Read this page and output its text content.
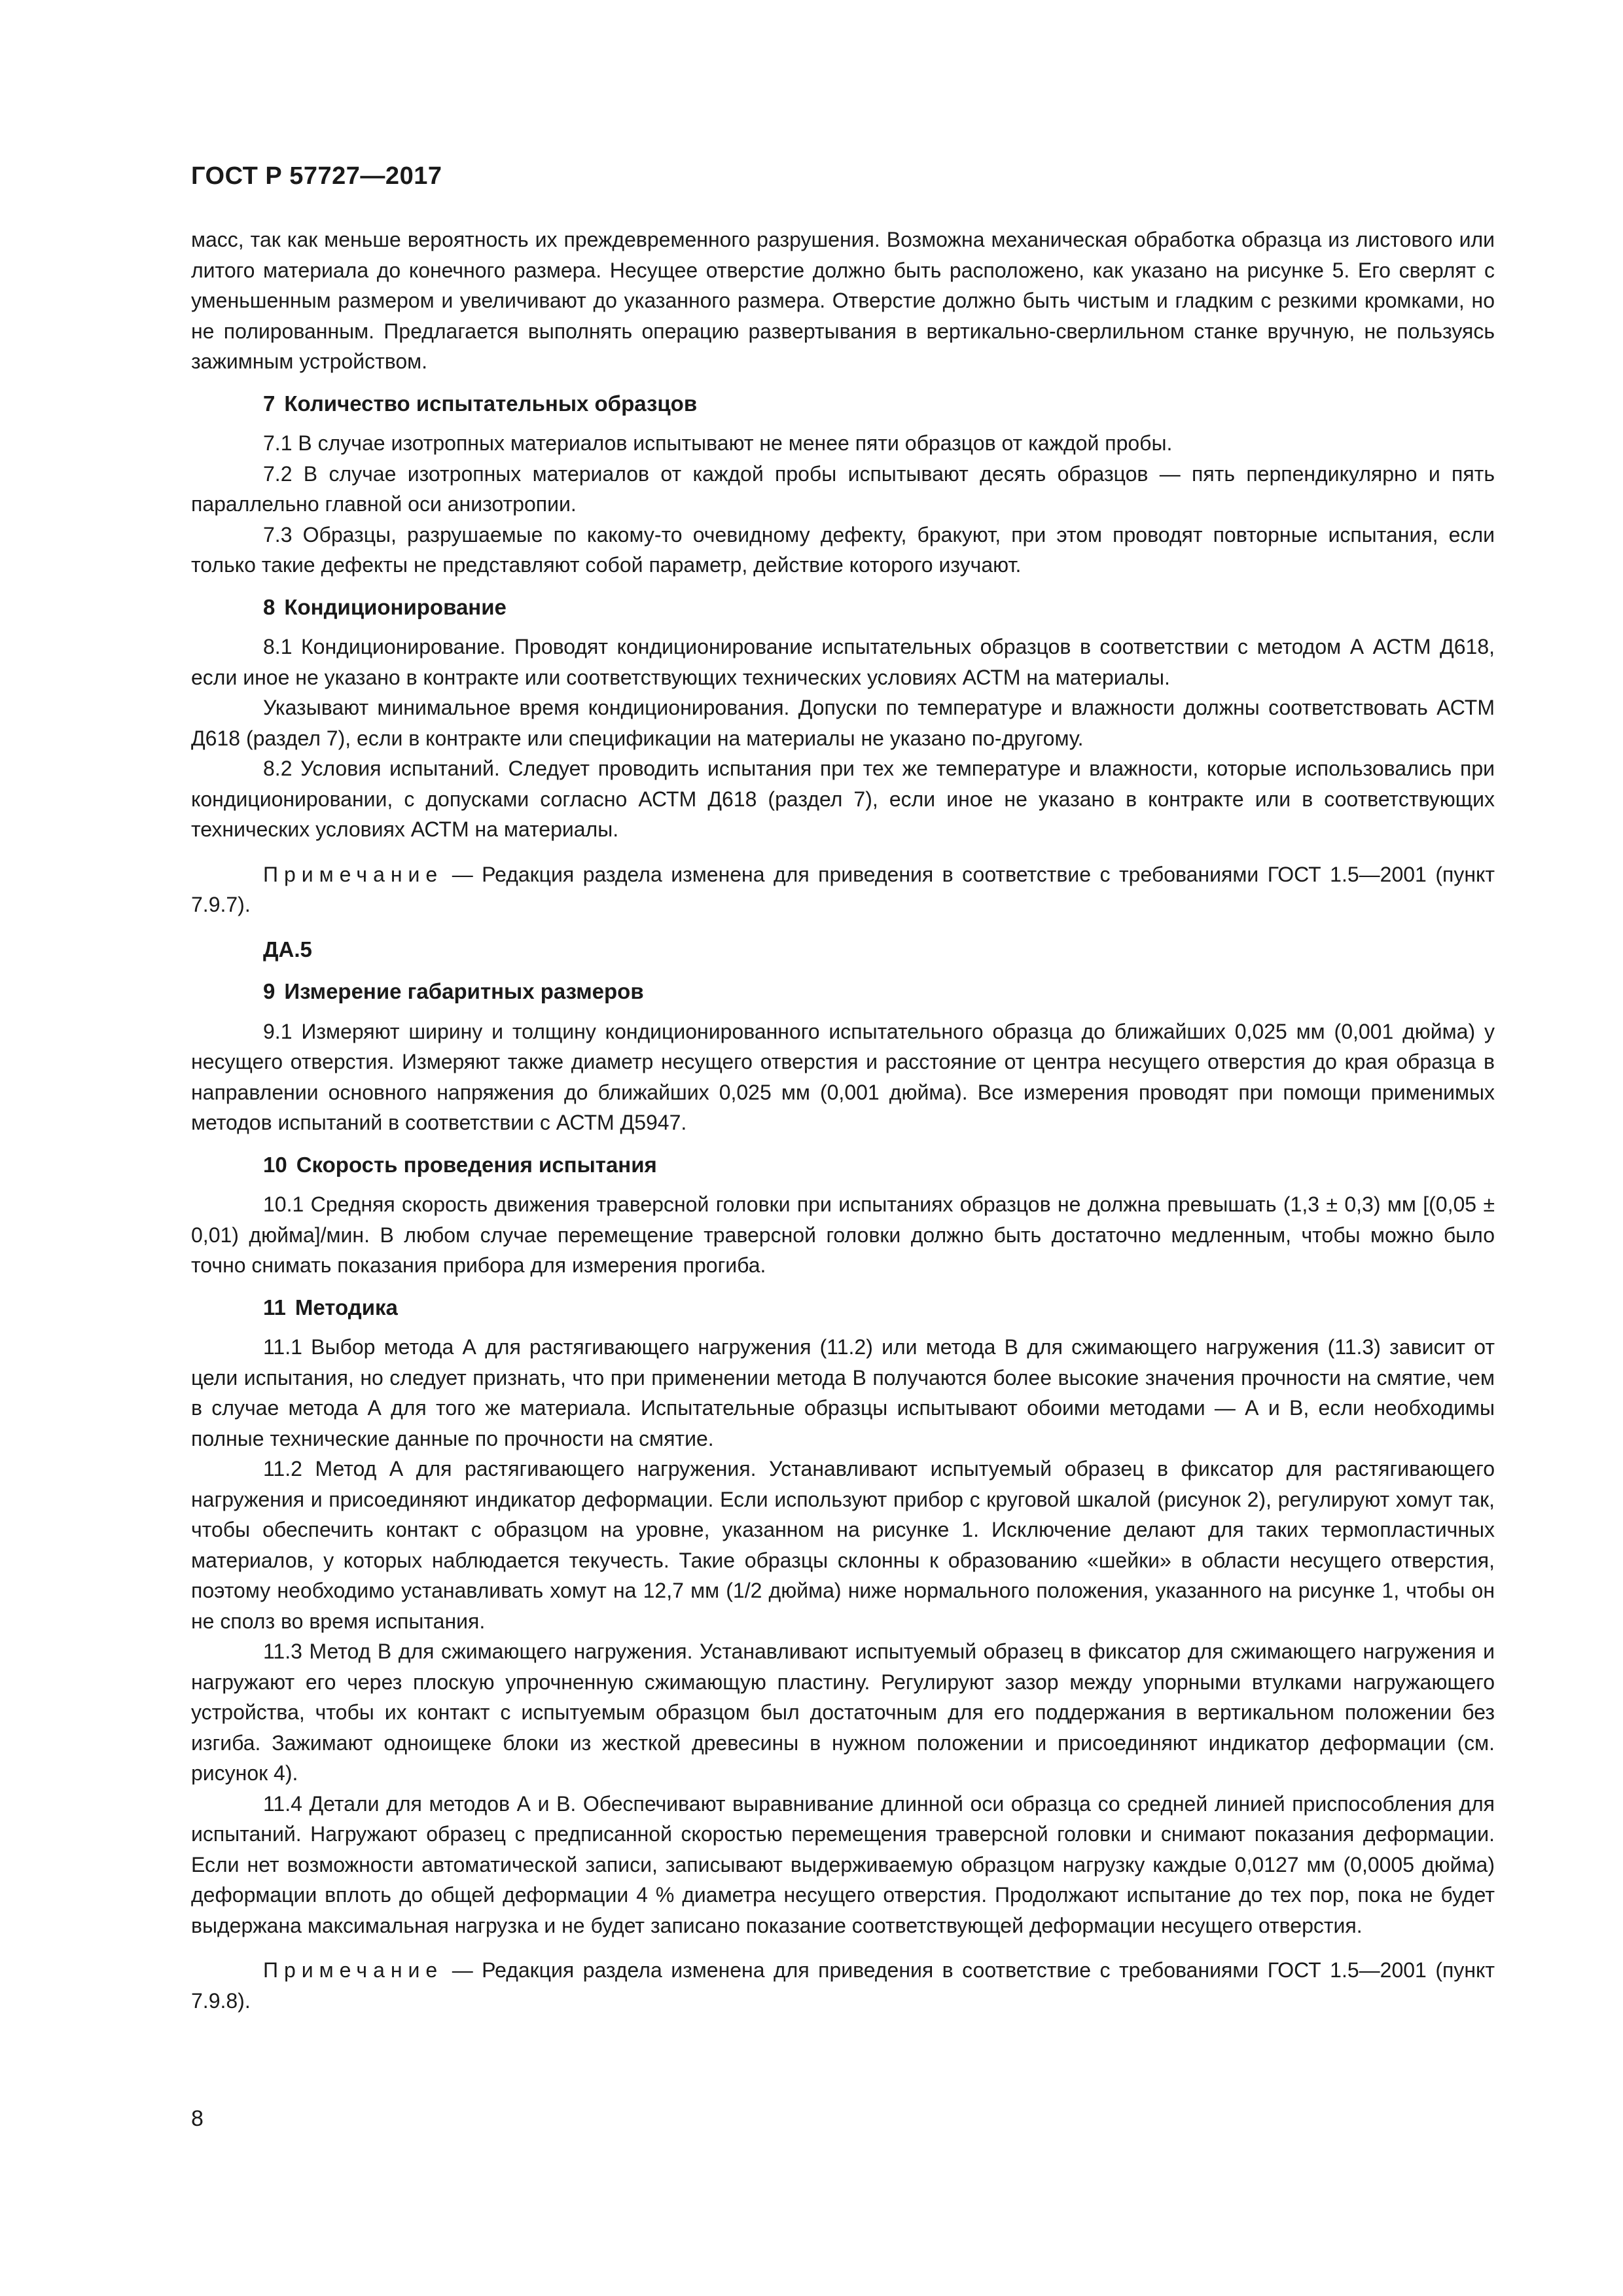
ГОСТ Р 57727—2017

масс, так как меньше вероятность их преждевременного разрушения. Возможна механическая обработка образца из листового или литого материала до конечного размера. Несущее отверстие должно быть расположено, как указано на рисунке 5. Его сверлят с уменьшенным размером и увеличивают до указанного размера. Отверстие должно быть чистым и гладким с резкими кромками, но не полированным. Предлагается выполнять операцию развертывания в вертикально-сверлильном станке вручную, не пользуясь зажимным устройством.

7 Количество испытательных образцов

7.1 В случае изотропных материалов испытывают не менее пяти образцов от каждой пробы.

7.2 В случае изотропных материалов от каждой пробы испытывают десять образцов — пять перпендикулярно и пять параллельно главной оси анизотропии.

7.3 Образцы, разрушаемые по какому-то очевидному дефекту, бракуют, при этом проводят повторные испытания, если только такие дефекты не представляют собой параметр, действие которого изучают.

8 Кондиционирование

8.1 Кондиционирование. Проводят кондиционирование испытательных образцов в соответствии с методом А АСТМ Д618, если иное не указано в контракте или соответствующих технических условиях АСТМ на материалы.

Указывают минимальное время кондиционирования. Допуски по температуре и влажности должны соответствовать АСТМ Д618 (раздел 7), если в контракте или спецификации на материалы не указано по-другому.

8.2 Условия испытаний. Следует проводить испытания при тех же температуре и влажности, которые использовались при кондиционировании, с допусками согласно АСТМ Д618 (раздел 7), если иное не указано в контракте или в соответствующих технических условиях АСТМ на материалы.

Примечание — Редакция раздела изменена для приведения в соответствие с требованиями ГОСТ 1.5—2001 (пункт 7.9.7).

ДА.5
9 Измерение габаритных размеров

9.1 Измеряют ширину и толщину кондиционированного испытательного образца до ближайших 0,025 мм (0,001 дюйма) у несущего отверстия. Измеряют также диаметр несущего отверстия и расстояние от центра несущего отверстия до края образца в направлении основного напряжения до ближайших 0,025 мм (0,001 дюйма). Все измерения проводят при помощи применимых методов испытаний в соответствии с АСТМ Д5947.

10 Скорость проведения испытания

10.1 Средняя скорость движения траверсной головки при испытаниях образцов не должна превышать (1,3 ± 0,3) мм [(0,05 ± 0,01) дюйма]/мин. В любом случае перемещение траверсной головки должно быть достаточно медленным, чтобы можно было точно снимать показания прибора для измерения прогиба.

11 Методика

11.1 Выбор метода А для растягивающего нагружения (11.2) или метода В для сжимающего нагружения (11.3) зависит от цели испытания, но следует признать, что при применении метода В получаются более высокие значения прочности на смятие, чем в случае метода А для того же материала. Испытательные образцы испытывают обоими методами — А и В, если необходимы полные технические данные по прочности на смятие.

11.2 Метод А для растягивающего нагружения. Устанавливают испытуемый образец в фиксатор для растягивающего нагружения и присоединяют индикатор деформации. Если используют прибор с круговой шкалой (рисунок 2), регулируют хомут так, чтобы обеспечить контакт с образцом на уровне, указанном на рисунке 1. Исключение делают для таких термопластичных материалов, у которых наблюдается текучесть. Такие образцы склонны к образованию «шейки» в области несущего отверстия, поэтому необходимо устанавливать хомут на 12,7 мм (1/2 дюйма) ниже нормального положения, указанного на рисунке 1, чтобы он не сполз во время испытания.

11.3 Метод В для сжимающего нагружения. Устанавливают испытуемый образец в фиксатор для сжимающего нагружения и нагружают его через плоскую упрочненную сжимающую пластину. Регулируют зазор между упорными втулками нагружающего устройства, чтобы их контакт с испытуемым образцом был достаточным для его поддержания в вертикальном положении без изгиба. Зажимают одноищеке блоки из жесткой древесины в нужном положении и присоединяют индикатор деформации (см. рисунок 4).

11.4 Детали для методов А и В. Обеспечивают выравнивание длинной оси образца со средней линией приспособления для испытаний. Нагружают образец с предписанной скоростью перемещения траверсной головки и снимают показания деформации. Если нет возможности автоматической записи, записывают выдерживаемую образцом нагрузку каждые 0,0127 мм (0,0005 дюйма) деформации вплоть до общей деформации 4 % диаметра несущего отверстия. Продолжают испытание до тех пор, пока не будет выдержана максимальная нагрузка и не будет записано показание соответствующей деформации несущего отверстия.

Примечание — Редакция раздела изменена для приведения в соответствие с требованиями ГОСТ 1.5—2001 (пункт 7.9.8).

8
